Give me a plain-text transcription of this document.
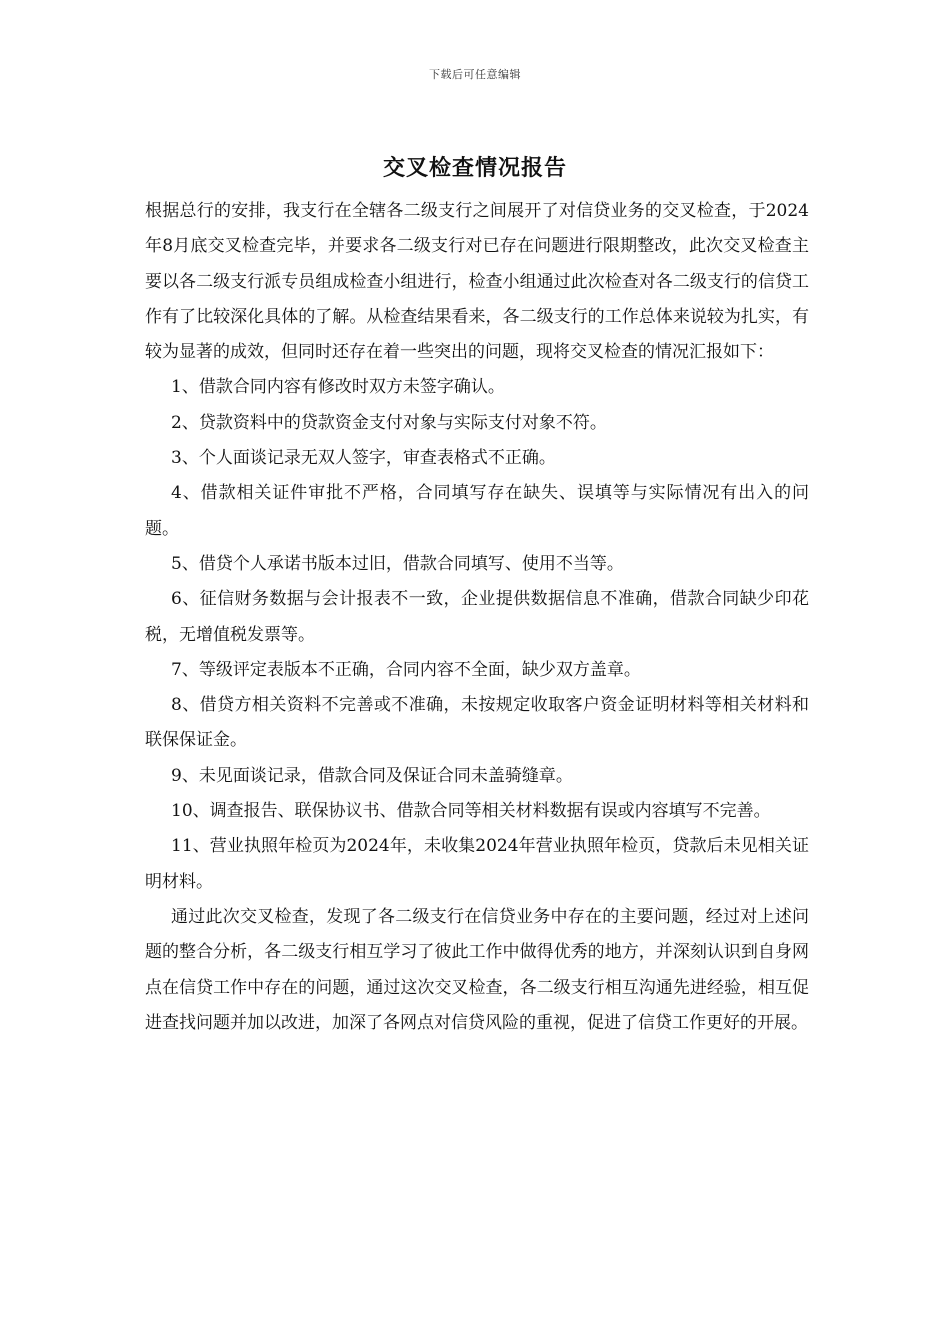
下载后可任意编辑
交叉检查情况报告

根据总行的安排，我支行在全辖各二级支行之间展开了对信贷业务的交叉检查，于2024年8月底交叉检查完毕，并要求各二级支行对已存在问题进行限期整改，此次交叉检查主要以各二级支行派专员组成检查小组进行，检查小组通过此次检查对各二级支行的信贷工作有了比较深化具体的了解。从检查结果看来，各二级支行的工作总体来说较为扎实，有较为显著的成效，但同时还存在着一些突出的问题，现将交叉检查的情况汇报如下：

1、借款合同内容有修改时双方未签字确认。

2、贷款资料中的贷款资金支付对象与实际支付对象不符。

3、个人面谈记录无双人签字，审查表格式不正确。

4、借款相关证件审批不严格，合同填写存在缺失、误填等与实际情况有出入的问题。

5、借贷个人承诺书版本过旧，借款合同填写、使用不当等。

6、征信财务数据与会计报表不一致，企业提供数据信息不准确，借款合同缺少印花税，无增值税发票等。

7、等级评定表版本不正确，合同内容不全面，缺少双方盖章。

8、借贷方相关资料不完善或不准确，未按规定收取客户资金证明材料等相关材料和联保保证金。

9、未见面谈记录，借款合同及保证合同未盖骑缝章。

10、调查报告、联保协议书、借款合同等相关材料数据有误或内容填写不完善。

11、营业执照年检页为2024年，未收集2024年营业执照年检页，贷款后未见相关证明材料。

通过此次交叉检查，发现了各二级支行在信贷业务中存在的主要问题，经过对上述问题的整合分析，各二级支行相互学习了彼此工作中做得优秀的地方，并深刻认识到自身网点在信贷工作中存在的问题，通过这次交叉检查，各二级支行相互沟通先进经验，相互促进查找问题并加以改进，加深了各网点对信贷风险的重视，促进了信贷工作更好的开展。
